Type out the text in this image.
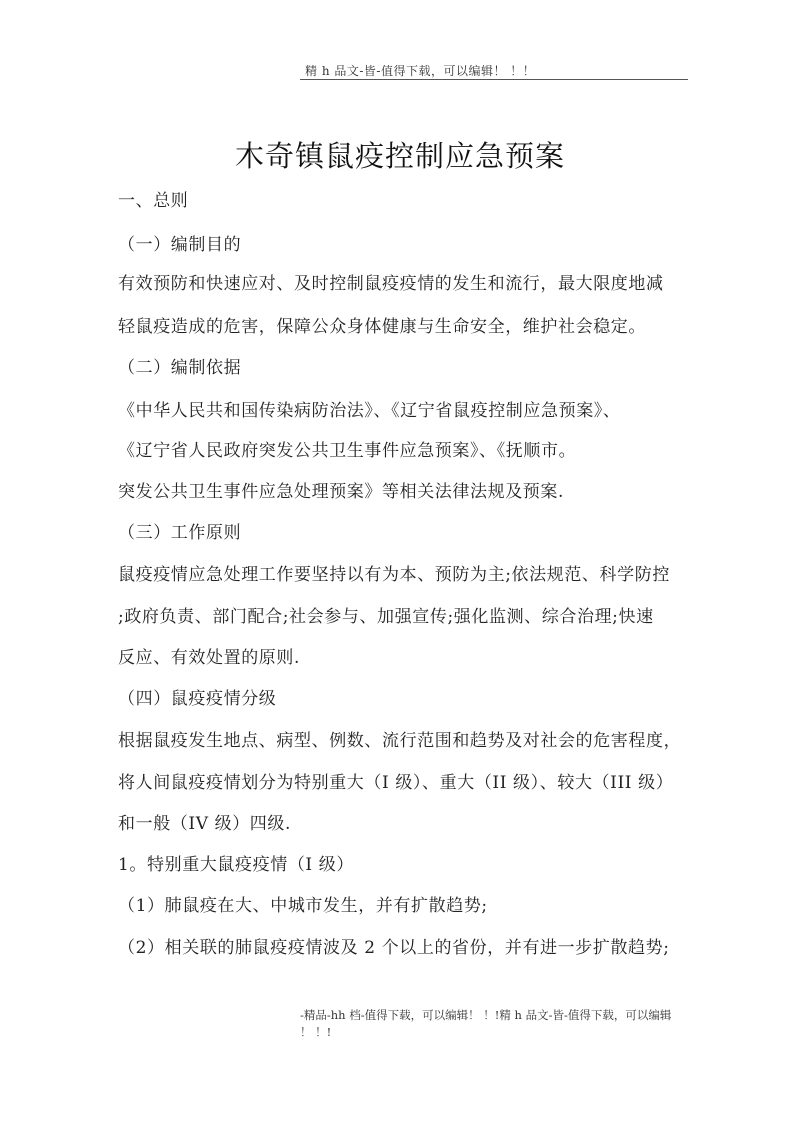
精 h 品文-皆-值得下载，可以编辑！ ！！
木奇镇鼠疫控制应急预案
一、总则
（一）编制目的
有效预防和快速应对、及时控制鼠疫疫情的发生和流行，最大限度地减
轻鼠疫造成的危害，保障公众身体健康与生命安全，维护社会稳定。
（二）编制依据
《中华人民共和国传染病防治法》、《辽宁省鼠疫控制应急预案》、
《辽宁省人民政府突发公共卫生事件应急预案》、《抚顺市。
突发公共卫生事件应急处理预案》等相关法律法规及预案.
（三）工作原则
鼠疫疫情应急处理工作要坚持以有为本、预防为主;依法规范、科学防控
;政府负责、部门配合;社会参与、加强宣传;强化监测、综合治理;快速
反应、有效处置的原则.
（四）鼠疫疫情分级
根据鼠疫发生地点、病型、例数、流行范围和趋势及对社会的危害程度，
将人间鼠疫疫情划分为特别重大（I 级）、重大（II 级）、较大（III 级）
和一般（IV 级）四级.
1。特别重大鼠疫疫情（I 级）
（1）肺鼠疫在大、中城市发生，并有扩散趋势;
（2）相关联的肺鼠疫疫情波及 2 个以上的省份，并有进一步扩散趋势;
-精品-hh 档-值得下载，可以编辑！ ！!精 h 品文-皆-值得下载，可以编辑
！ ！!
